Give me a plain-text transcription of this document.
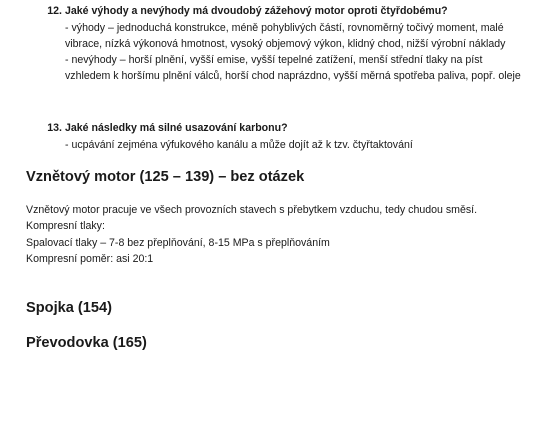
12. Jaké výhody a nevýhody má dvoudobý zážehový motor oproti čtyřdobému?
- výhody – jednoduchá konstrukce, méně pohyblivých částí, rovnoměrný točivý moment, malé vibrace, nízká výkonová hmotnost, vysoký objemový výkon, klidný chod, nižší výrobní náklady
- nevýhody – horší plnění, vyšší emise, vyšší tepelné zatížení, menší střední tlaky na píst vzhledem k horšímu plnění válců, horší chod naprázdno, vyšší měrná spotřeba paliva, popř. oleje
13. Jaké následky má silné usazování karbonu?
- ucpávání zejména výfukového kanálu a může dojít až k tzv. čtyřtaktování
Vznětový motor (125 – 139) – bez otázek
Vznětový motor pracuje ve všech provozních stavech s přebytkem vzduchu, tedy chudou směsí.
Kompresní tlaky:
Spalovací tlaky – 7-8 bez přeplňování, 8-15 MPa s přeplňováním
Kompresní poměr: asi 20:1
Spojka (154)
Převodovka (165)
